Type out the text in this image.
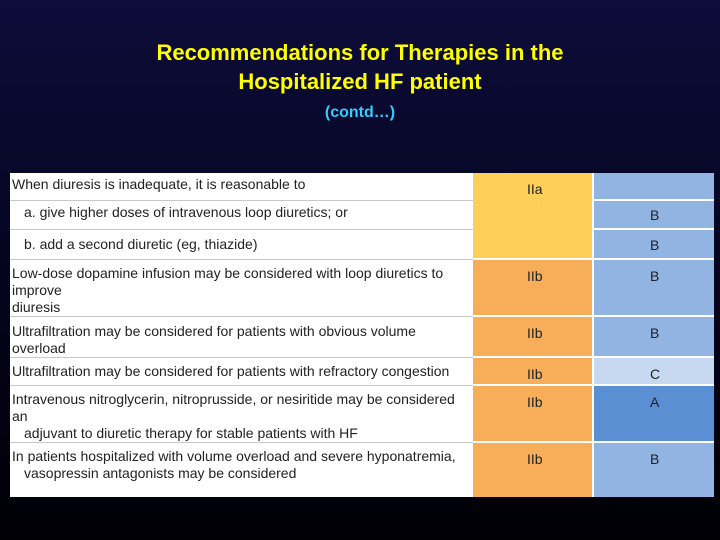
Recommendations for Therapies in the
Hospitalized HF patient
(contd…)
When diuresis is inadequate, it is reasonable to	IIa	
a. give higher doses of intravenous loop diuretics; or		B
b. add a second diuretic (eg, thiazide)		B
Low-dose dopamine infusion may be considered with loop diuretics to improve
diuresis	IIb	B
Ultrafiltration may be considered for patients with obvious volume overload	IIb	B
Ultrafiltration may be considered for patients with refractory congestion	IIb	C
Intravenous nitroglycerin, nitroprusside, or nesiritide may be considered an
adjuvant to diuretic therapy for stable patients with HF	IIb	A
In patients hospitalized with volume overload and severe hyponatremia,
vasopressin antagonists may be considered	IIb	B
